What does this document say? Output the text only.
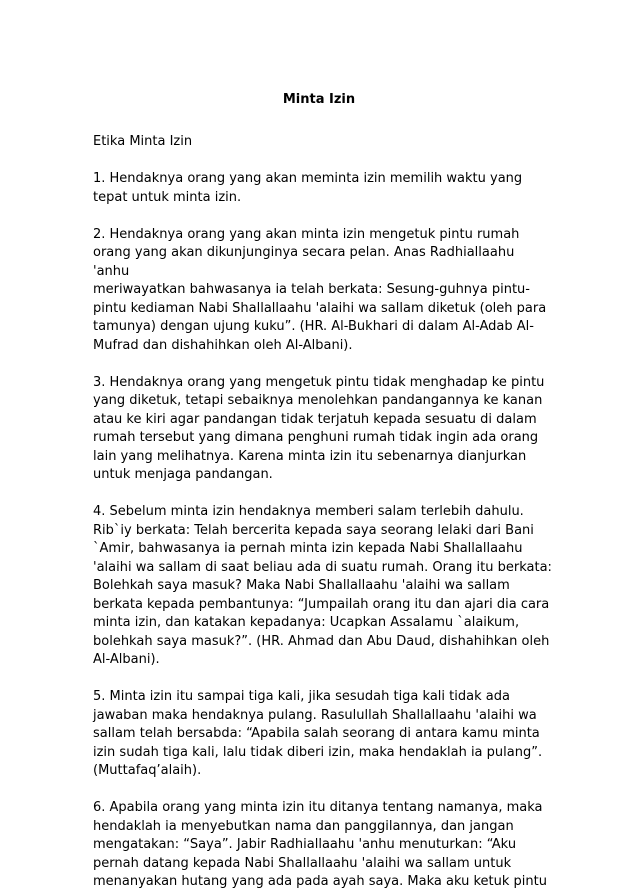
Minta Izin

Etika Minta Izin

1. Hendaknya orang yang akan meminta izin memilih waktu yang
tepat untuk minta izin.

2. Hendaknya orang yang akan minta izin mengetuk pintu rumah
orang yang akan dikunjunginya secara pelan. Anas Radhiallaahu 'anhu
meriwayatkan bahwasanya ia telah berkata: Sesung-guhnya pintu-
pintu kediaman Nabi Shallallaahu 'alaihi wa sallam diketuk (oleh para
tamunya) dengan ujung kuku”. (HR. Al-Bukhari di dalam Al-Adab Al-
Mufrad dan dishahihkan oleh Al-Albani).

3. Hendaknya orang yang mengetuk pintu tidak menghadap ke pintu
yang diketuk, tetapi sebaiknya menolehkan pandangannya ke kanan
atau ke kiri agar pandangan tidak terjatuh kepada sesuatu di dalam
rumah tersebut yang dimana penghuni rumah tidak ingin ada orang
lain yang melihatnya. Karena minta izin itu sebenarnya dianjurkan
untuk menjaga pandangan.

4. Sebelum minta izin hendaknya memberi salam terlebih dahulu.
Rib`iy berkata: Telah bercerita kepada saya seorang lelaki dari Bani
`Amir, bahwasanya ia pernah minta izin kepada Nabi Shallallaahu
'alaihi wa sallam di saat beliau ada di suatu rumah. Orang itu berkata:
Bolehkah saya masuk? Maka Nabi Shallallaahu 'alaihi wa sallam
berkata kepada pembantunya: “Jumpailah orang itu dan ajari dia cara
minta izin, dan katakan kepadanya: Ucapkan Assalamu `alaikum,
bolehkah saya masuk?”. (HR. Ahmad dan Abu Daud, dishahihkan oleh
Al-Albani).

5. Minta izin itu sampai tiga kali, jika sesudah tiga kali tidak ada
jawaban maka hendaknya pulang. Rasulullah Shallallaahu 'alaihi wa
sallam telah bersabda: “Apabila salah seorang di antara kamu minta
izin sudah tiga kali, lalu tidak diberi izin, maka hendaklah ia pulang”.
(Muttafaq’alaih).

6. Apabila orang yang minta izin itu ditanya tentang namanya, maka
hendaklah ia menyebutkan nama dan panggilannya, dan jangan
mengatakan: “Saya”. Jabir Radhiallaahu 'anhu menuturkan: “Aku
pernah datang kepada Nabi Shallallaahu 'alaihi wa sallam untuk
menanyakan hutang yang ada pada ayah saya. Maka aku ketuk pintu
